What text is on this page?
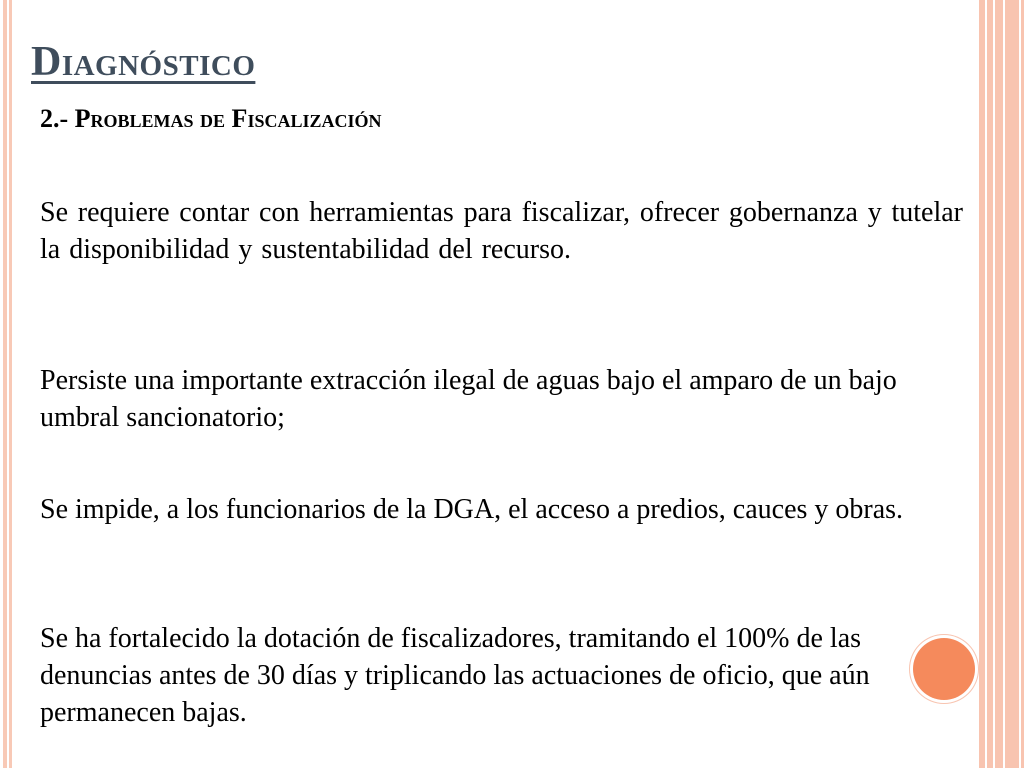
Diagnóstico
2.- Problemas de Fiscalización

Se requiere contar con herramientas para fiscalizar, ofrecer gobernanza y tutelar la disponibilidad y sustentabilidad del recurso.

Persiste una importante extracción ilegal de aguas bajo el amparo de un bajo umbral sancionatorio;

Se impide, a los funcionarios de la DGA, el acceso a predios, cauces y obras.

Se ha fortalecido la dotación de fiscalizadores, tramitando el 100% de las denuncias antes de 30 días y triplicando las actuaciones de oficio, que aún permanecen bajas.
